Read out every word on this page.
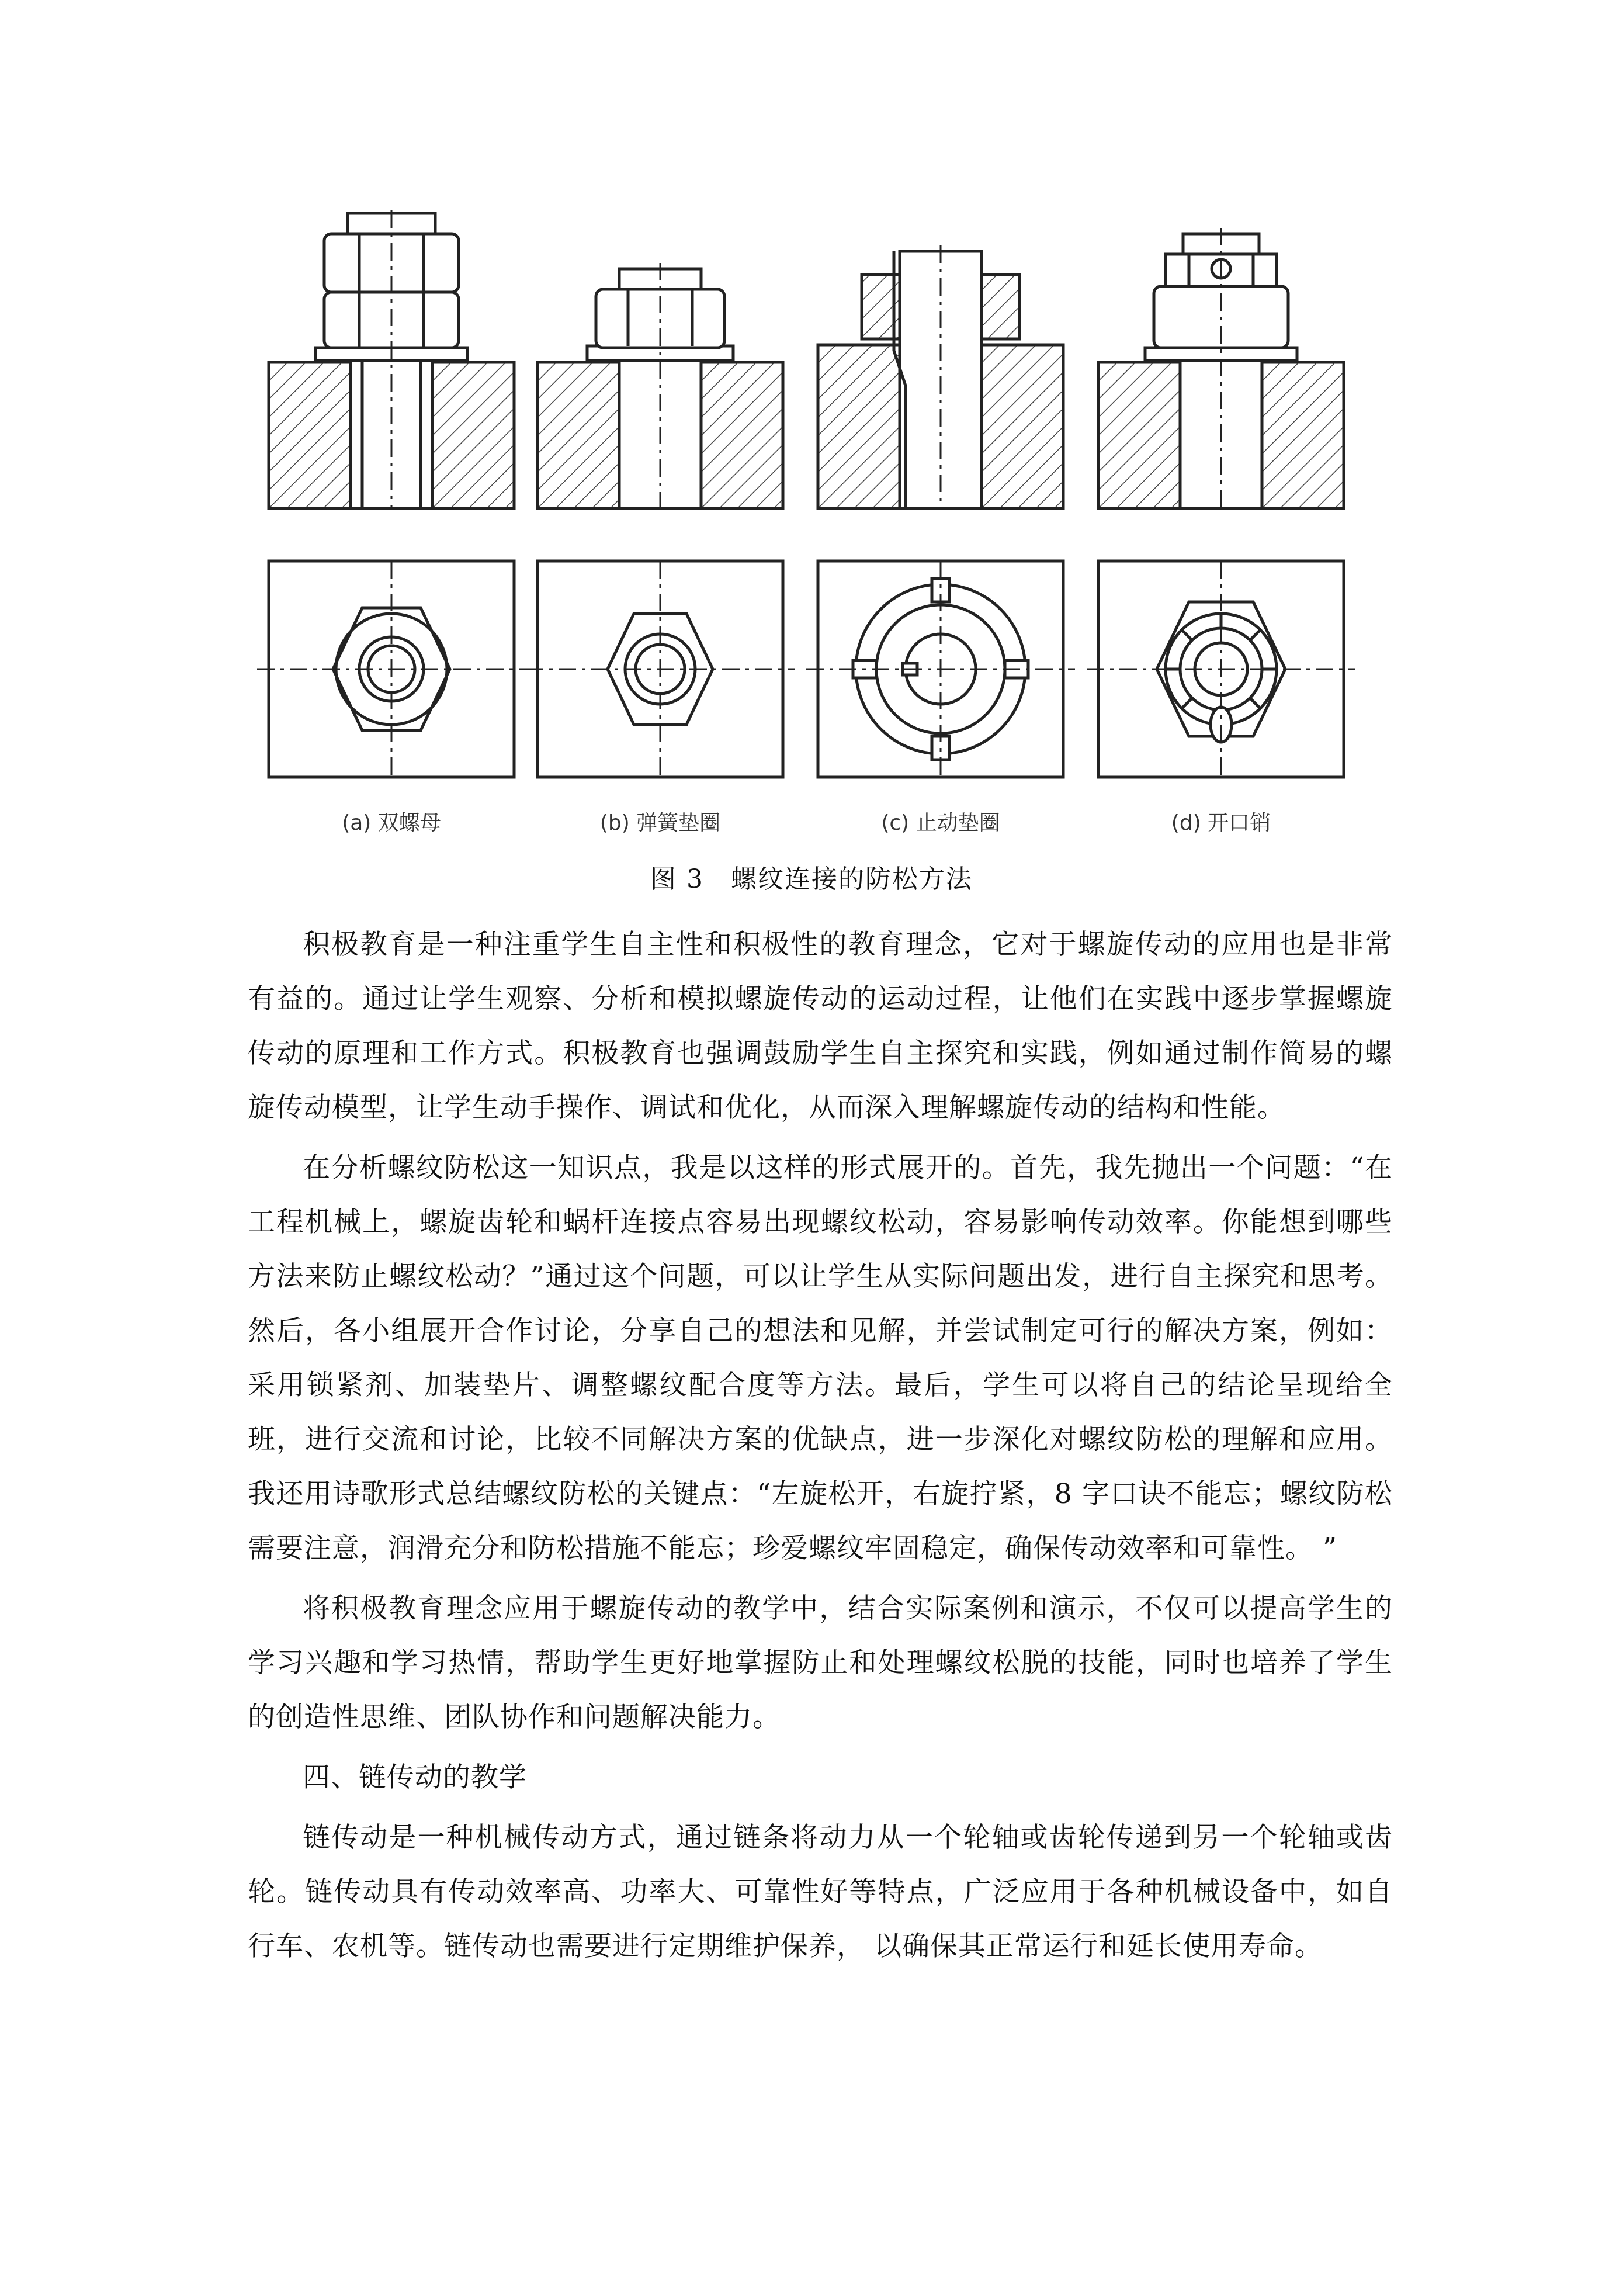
(a) 双螺母	(b) 弹簧垫圈	(c) 止动垫圈	(d) 开口销
图 3　螺纹连接的防松方法

积极教育是一种注重学生自主性和积极性的教育理念，它对于螺旋传动的应用也是非常有益的。通过让学生观察、分析和模拟螺旋传动的运动过程，让他们在实践中逐步掌握螺旋传动的原理和工作方式。积极教育也强调鼓励学生自主探究和实践，例如通过制作简易的螺旋传动模型，让学生动手操作、调试和优化，从而深入理解螺旋传动的结构和性能。

在分析螺纹防松这一知识点，我是以这样的形式展开的。首先，我先抛出一个问题：“在工程机械上，螺旋齿轮和蜗杆连接点容易出现螺纹松动，容易影响传动效率。你能想到哪些方法来防止螺纹松动？”通过这个问题，可以让学生从实际问题出发，进行自主探究和思考。然后，各小组展开合作讨论，分享自己的想法和见解，并尝试制定可行的解决方案，例如：采用锁紧剂、加装垫片、调整螺纹配合度等方法。最后，学生可以将自己的结论呈现给全班，进行交流和讨论，比较不同解决方案的优缺点，进一步深化对螺纹防松的理解和应用。我还用诗歌形式总结螺纹防松的关键点：“左旋松开，右旋拧紧，8 字口诀不能忘；螺纹防松需要注意，润滑充分和防松措施不能忘；珍爱螺纹牢固稳定，确保传动效率和可靠性。 ”

将积极教育理念应用于螺旋传动的教学中，结合实际案例和演示，不仅可以提高学生的学习兴趣和学习热情，帮助学生更好地掌握防止和处理螺纹松脱的技能，同时也培养了学生的创造性思维、团队协作和问题解决能力。

四、链传动的教学

链传动是一种机械传动方式，通过链条将动力从一个轮轴或齿轮传递到另一个轮轴或齿轮。链传动具有传动效率高、功率大、可靠性好等特点，广泛应用于各种机械设备中，如自行车、农机等。链传动也需要进行定期维护保养， 以确保其正常运行和延长使用寿命。
